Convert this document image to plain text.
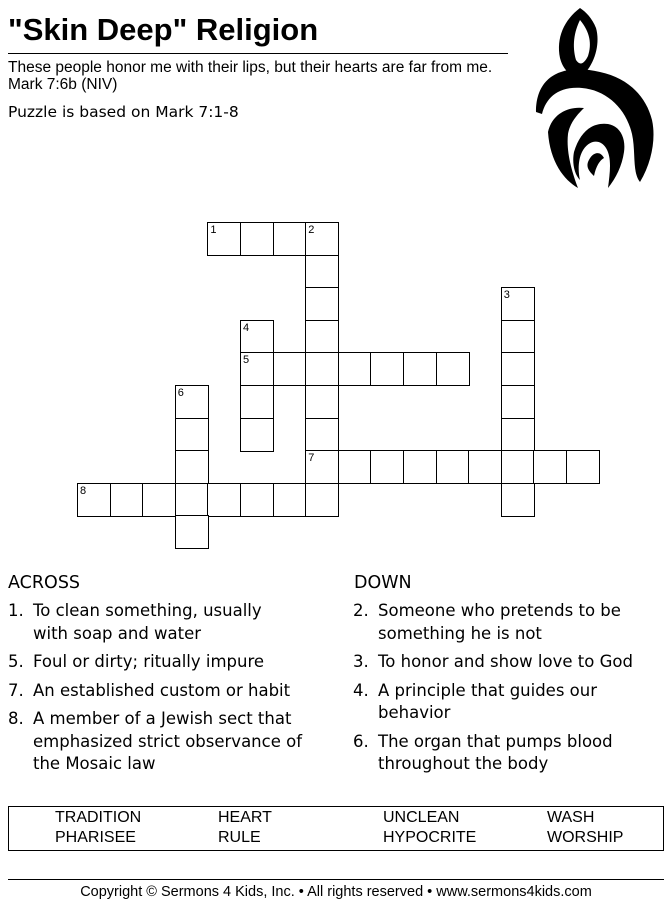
"Skin Deep" Religion
These people honor me with their lips, but their hearts are far from me. Mark 7:6b (NIV)
Puzzle is based on Mark 7:1-8
1	2
3
4
5
6
7
8
ACROSS	DOWN
1. To clean something, usually
with soap and water
5. Foul or dirty; ritually impure
7. An established custom or habit
8. A member of a Jewish sect that
emphasized strict observance of
the Mosaic law
2. Someone who pretends to be
something he is not
3. To honor and show love to God
4. A principle that guides our
behavior
6. The organ that pumps blood
throughout the body
TRADITION	HEART	UNCLEAN	WASH
PHARISEE	RULE	HYPOCRITE	WORSHIP
Copyright © Sermons 4 Kids, Inc. • All rights reserved • www.sermons4kids.com
